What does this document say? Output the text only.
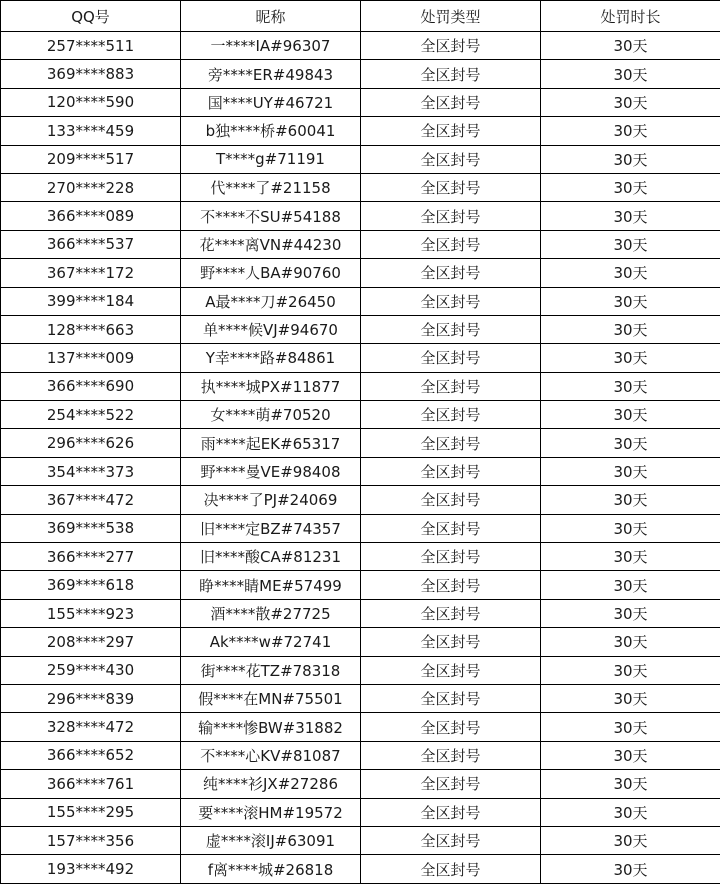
QQ号	昵称	处罚类型	处罚时长
257****511	一****IA#96307	全区封号	30天
369****883	旁****ER#49843	全区封号	30天
120****590	国****UY#46721	全区封号	30天
133****459	b独****桥#60041	全区封号	30天
209****517	T****g#71191	全区封号	30天
270****228	代****了#21158	全区封号	30天
366****089	不****不SU#54188	全区封号	30天
366****537	花****离VN#44230	全区封号	30天
367****172	野****人BA#90760	全区封号	30天
399****184	A最****刀#26450	全区封号	30天
128****663	单****候VJ#94670	全区封号	30天
137****009	Y幸****路#84861	全区封号	30天
366****690	执****城PX#11877	全区封号	30天
254****522	女****萌#70520	全区封号	30天
296****626	雨****起EK#65317	全区封号	30天
354****373	野****曼VE#98408	全区封号	30天
367****472	决****了PJ#24069	全区封号	30天
369****538	旧****定BZ#74357	全区封号	30天
366****277	旧****酸CA#81231	全区封号	30天
369****618	睁****睛ME#57499	全区封号	30天
155****923	酒****散#27725	全区封号	30天
208****297	Ak****w#72741	全区封号	30天
259****430	街****花TZ#78318	全区封号	30天
296****839	假****在MN#75501	全区封号	30天
328****472	输****惨BW#31882	全区封号	30天
366****652	不****心KV#81087	全区封号	30天
366****761	纯****衫JX#27286	全区封号	30天
155****295	要****滚HM#19572	全区封号	30天
157****356	虚****滚IJ#63091	全区封号	30天
193****492	f离****城#26818	全区封号	30天
